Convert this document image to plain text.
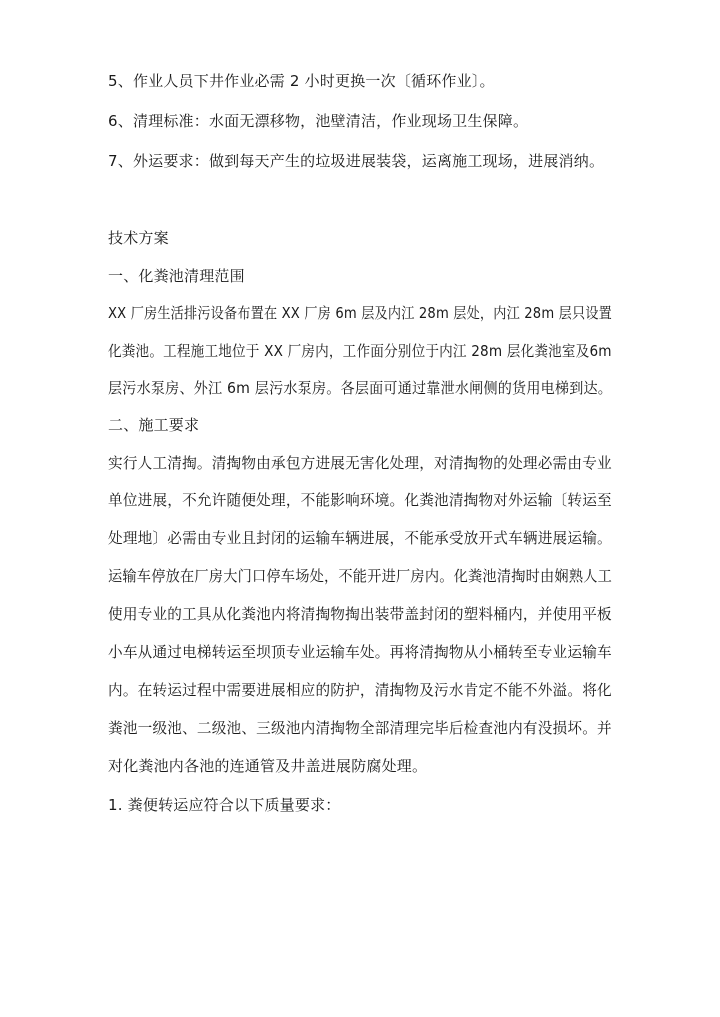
5、作业人员下井作业必需 2 小时更换一次〔循环作业〕。
6、清理标准：水面无漂移物，池壁清洁，作业现场卫生保障。
7、外运要求：做到每天产生的垃圾进展装袋，运离施工现场，进展消纳。
技术方案
一、化粪池清理范围
XX 厂房生活排污设备布置在 XX 厂房 6m 层及内江 28m 层处，内江 28m 层只设置
化粪池。工程施工地位于 XX 厂房内，工作面分别位于内江 28m 层化粪池室及6m
层污水泵房、外江 6m 层污水泵房。各层面可通过靠泄水闸侧的货用电梯到达。
二、施工要求
实行人工清掏。清掏物由承包方进展无害化处理，对清掏物的处理必需由专业
单位进展，不允许随便处理，不能影响环境。化粪池清掏物对外运输〔转运至
处理地〕必需由专业且封闭的运输车辆进展，不能承受放开式车辆进展运输。
运输车停放在厂房大门口停车场处，不能开进厂房内。化粪池清掏时由娴熟人工
使用专业的工具从化粪池内将清掏物掏出装带盖封闭的塑料桶内，并使用平板
小车从通过电梯转运至坝顶专业运输车处。再将清掏物从小桶转至专业运输车
内。在转运过程中需要进展相应的防护，清掏物及污水肯定不能不外溢。将化
粪池一级池、二级池、三级池内清掏物全部清理完毕后检查池内有没损坏。并
对化粪池内各池的连通管及井盖进展防腐处理。
1. 粪便转运应符合以下质量要求：
